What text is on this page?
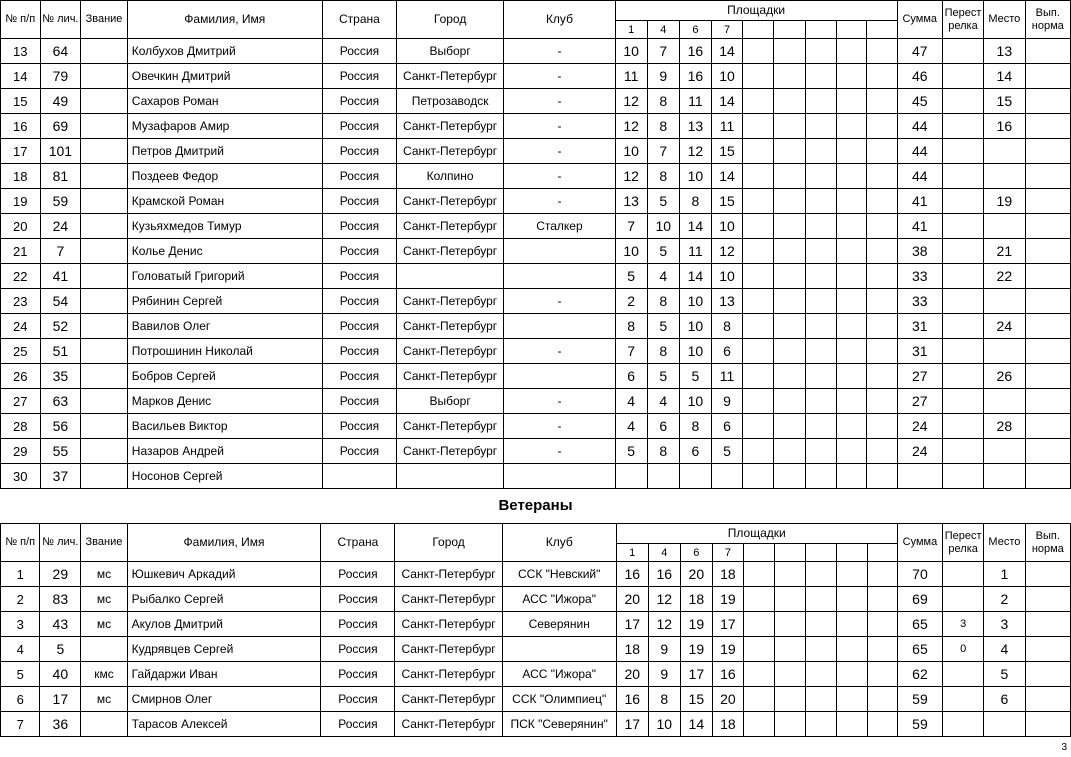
№ п/п	№ лич.	Звание	Фамилия, Имя	Страна	Город	Клуб	Площадки									Сумма	Перестрелка	Место	Вып. норма
							1	4	6	7									
13	64		Колбухов Дмитрий	Россия	Выборг	-	10	7	16	14						47		13	
14	79		Овечкин Дмитрий	Россия	Санкт-Петербург	-	11	9	16	10						46		14	
15	49		Сахаров Роман	Россия	Петрозаводск	-	12	8	11	14						45		15	
16	69		Музафаров Амир	Россия	Санкт-Петербург	-	12	8	13	11						44		16	
17	101		Петров Дмитрий	Россия	Санкт-Петербург	-	10	7	12	15						44			
18	81		Поздеев Федор	Россия	Колпино	-	12	8	10	14						44			
19	59		Крамской Роман	Россия	Санкт-Петербург	-	13	5	8	15						41		19	
20	24		Кузьяхмедов Тимур	Россия	Санкт-Петербург	Сталкер	7	10	14	10						41			
21	7		Колье Денис	Россия	Санкт-Петербург		10	5	11	12						38		21	
22	41		Головатый Григорий	Россия			5	4	14	10						33		22	
23	54		Рябинин Сергей	Россия	Санкт-Петербург	-	2	8	10	13						33			
24	52		Вавилов Олег	Россия	Санкт-Петербург		8	5	10	8						31		24	
25	51		Потрошинин Николай	Россия	Санкт-Петербург	-	7	8	10	6						31			
26	35		Бобров Сергей	Россия	Санкт-Петербург		6	5	5	11						27		26	
27	63		Марков Денис	Россия	Выборг	-	4	4	10	9						27			
28	56		Васильев Виктор	Россия	Санкт-Петербург	-	4	6	8	6						24		28	
29	55		Назаров Андрей	Россия	Санкт-Петербург	-	5	8	6	5						24			
30	37		Носонов Сергей																
Ветераны
№ п/п	№ лич.	Звание	Фамилия, Имя	Страна	Город	Клуб	Площадки									Сумма	Перестрелка	Место	Вып. норма
							1	4	6	7									
1	29	мс	Юшкевич Аркадий	Россия	Санкт-Петербург	ССК "Невский"	16	16	20	18						70		1	
2	83	мс	Рыбалко Сергей	Россия	Санкт-Петербург	АСС "Ижора"	20	12	18	19						69		2	
3	43	мс	Акулов Дмитрий	Россия	Санкт-Петербург	Северянин	17	12	19	17						65	3	3	
4	5		Кудрявцев Сергей	Россия	Санкт-Петербург		18	9	19	19						65	0	4	
5	40	кмс	Гайдаржи Иван	Россия	Санкт-Петербург	АСС "Ижора"	20	9	17	16						62		5	
6	17	мс	Смирнов Олег	Россия	Санкт-Петербург	ССК "Олимпиец"	16	8	15	20						59		6	
7	36		Тарасов Алексей	Россия	Санкт-Петербург	ПСК "Северянин"	17	10	14	18						59			
3
